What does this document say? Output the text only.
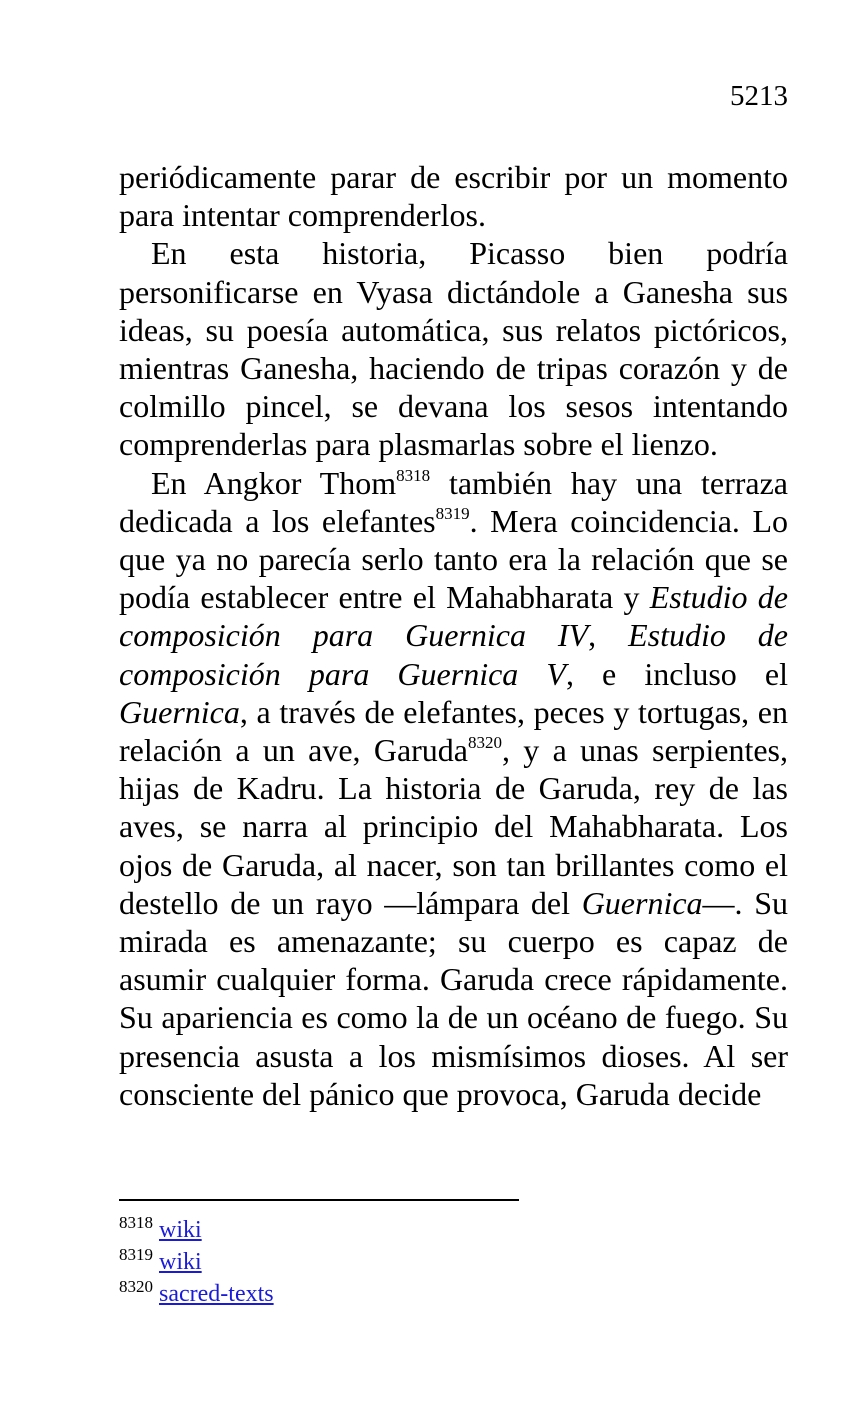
5213

periódicamente parar de escribir por un momento para intentar comprenderlos.

En esta historia, Picasso bien podría personificarse en Vyasa dictándole a Ganesha sus ideas, su poesía automática, sus relatos pictóricos, mientras Ganesha, haciendo de tripas corazón y de colmillo pincel, se devana los sesos intentando comprenderlas para plasmarlas sobre el lienzo.

En Angkor Thom$^{8318}$ también hay una terraza dedicada a los elefantes$^{8319}$. Mera coincidencia. Lo que ya no parecía serlo tanto era la relación que se podía establecer entre el Mahabharata y Estudio de composición para Guernica IV, Estudio de composición para Guernica V, e incluso el Guernica, a través de elefantes, peces y tortugas, en relación a un ave, Garuda$^{8320}$, y a unas serpientes, hijas de Kadru. La historia de Garuda, rey de las aves, se narra al principio del Mahabharata. Los ojos de Garuda, al nacer, son tan brillantes como el destello de un rayo —lámpara del Guernica—. Su mirada es amenazante; su cuerpo es capaz de asumir cualquier forma. Garuda crece rápidamente. Su apariencia es como la de un océano de fuego. Su presencia asusta a los mismísimos dioses. Al ser consciente del pánico que provoca, Garuda decide

$^{8318}$ wiki
$^{8319}$ wiki
$^{8320}$ sacred-texts
